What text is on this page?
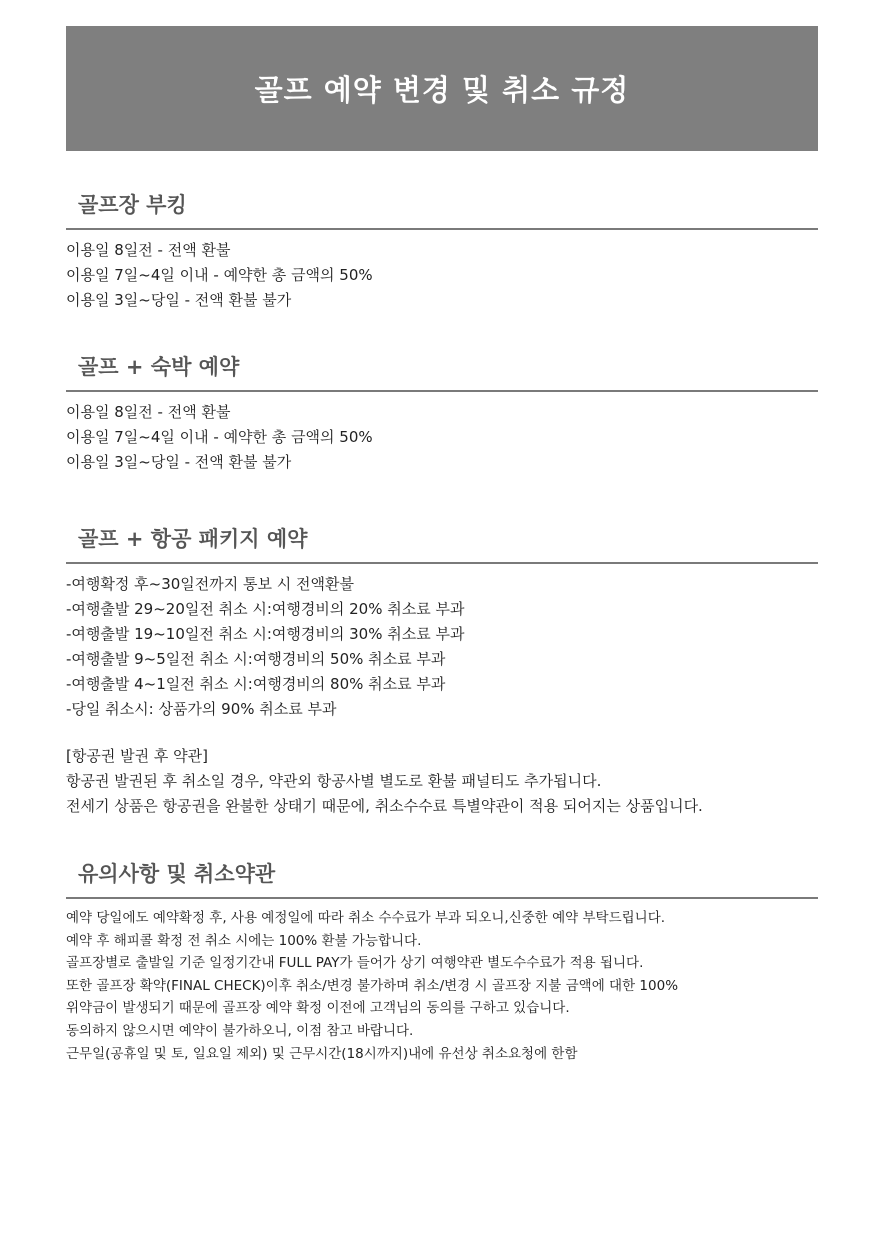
골프 예약 변경 및 취소 규정
골프장 부킹
이용일 8일전 - 전액 환불
이용일 7일~4일 이내 - 예약한 총 금액의 50%
이용일 3일~당일 - 전액 환불 불가
골프 + 숙박 예약
이용일 8일전 - 전액 환불
이용일 7일~4일 이내 - 예약한 총 금액의 50%
이용일 3일~당일 - 전액 환불 불가
골프 + 항공 패키지 예약
-여행확정 후~30일전까지 통보 시 전액환불
-여행출발 29~20일전 취소 시:여행경비의 20% 취소료 부과
-여행출발 19~10일전 취소 시:여행경비의 30% 취소료 부과
-여행출발 9~5일전 취소 시:여행경비의 50% 취소료 부과
-여행출발 4~1일전 취소 시:여행경비의 80% 취소료 부과
-당일 취소시: 상품가의 90% 취소료 부과
[항공권 발권 후 약관]
항공권 발권된 후 취소일 경우, 약관외 항공사별 별도로 환불 패널티도 추가됩니다.
전세기 상품은 항공권을 완불한 상태기 때문에, 취소수수료 특별약관이 적용 되어지는 상품입니다.
유의사항 및 취소약관
예약 당일에도 예약확정 후, 사용 예정일에 따라 취소 수수료가 부과 되오니,신중한 예약 부탁드립니다.
예약 후 해피콜 확정 전 취소 시에는 100% 환불 가능합니다.
골프장별로 출발일 기준 일정기간내 FULL PAY가 들어가 상기 여행약관 별도수수료가 적용 됩니다.
또한 골프장 확약(FINAL CHECK)이후 취소/변경 불가하며 취소/변경 시 골프장 지불 금액에 대한 100%
위약금이 발생되기 때문에 골프장 예약 확정 이전에 고객님의 동의를 구하고 있습니다.
동의하지 않으시면 예약이 불가하오니, 이점 참고 바랍니다.
근무일(공휴일 및 토, 일요일 제외) 및 근무시간(18시까지)내에 유선상 취소요청에 한함
